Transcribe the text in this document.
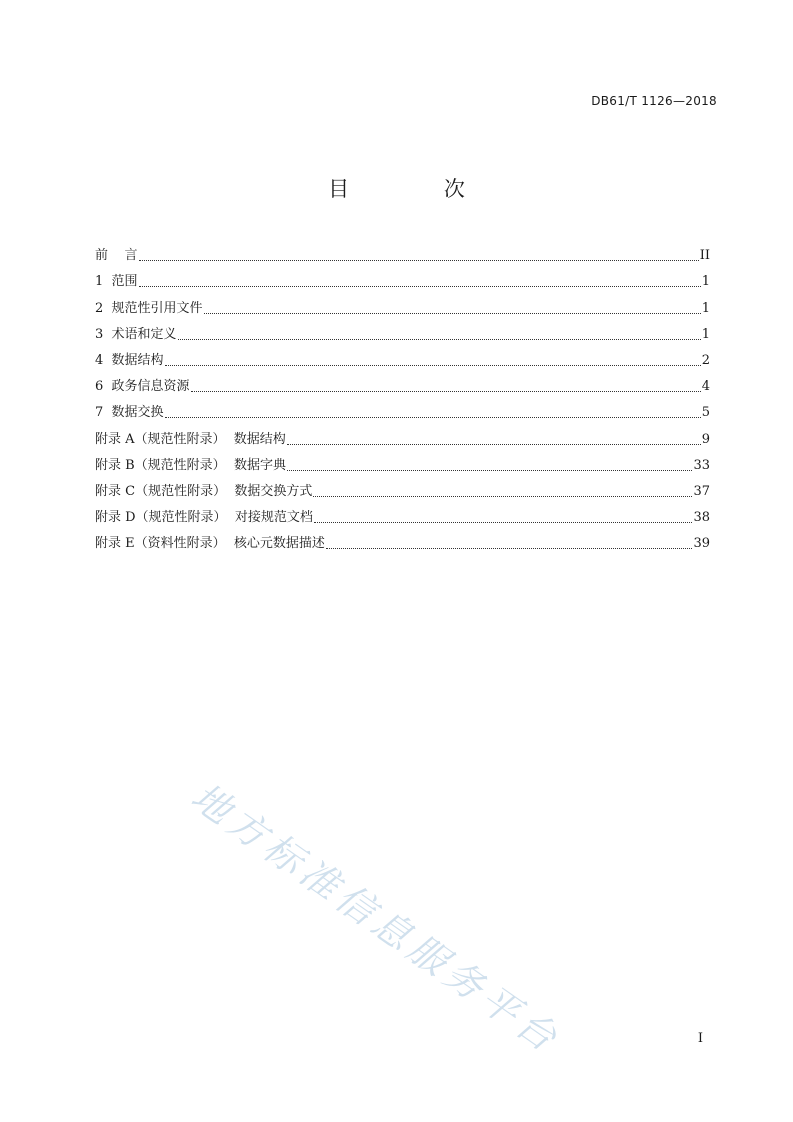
DB61/T 1126—2018
目 次
前    言	II
1  范围	1
2  规范性引用文件	1
3  术语和定义	1
4  数据结构	2
6  政务信息资源	4
7  数据交换	5
附录 A（规范性附录）  数据结构	9
附录 B（规范性附录）  数据字典	33
附录 C（规范性附录）  数据交换方式	37
附录 D（规范性附录）  对接规范文档	38
附录 E（资料性附录）  核心元数据描述	39
地方标准信息服务平台	I
